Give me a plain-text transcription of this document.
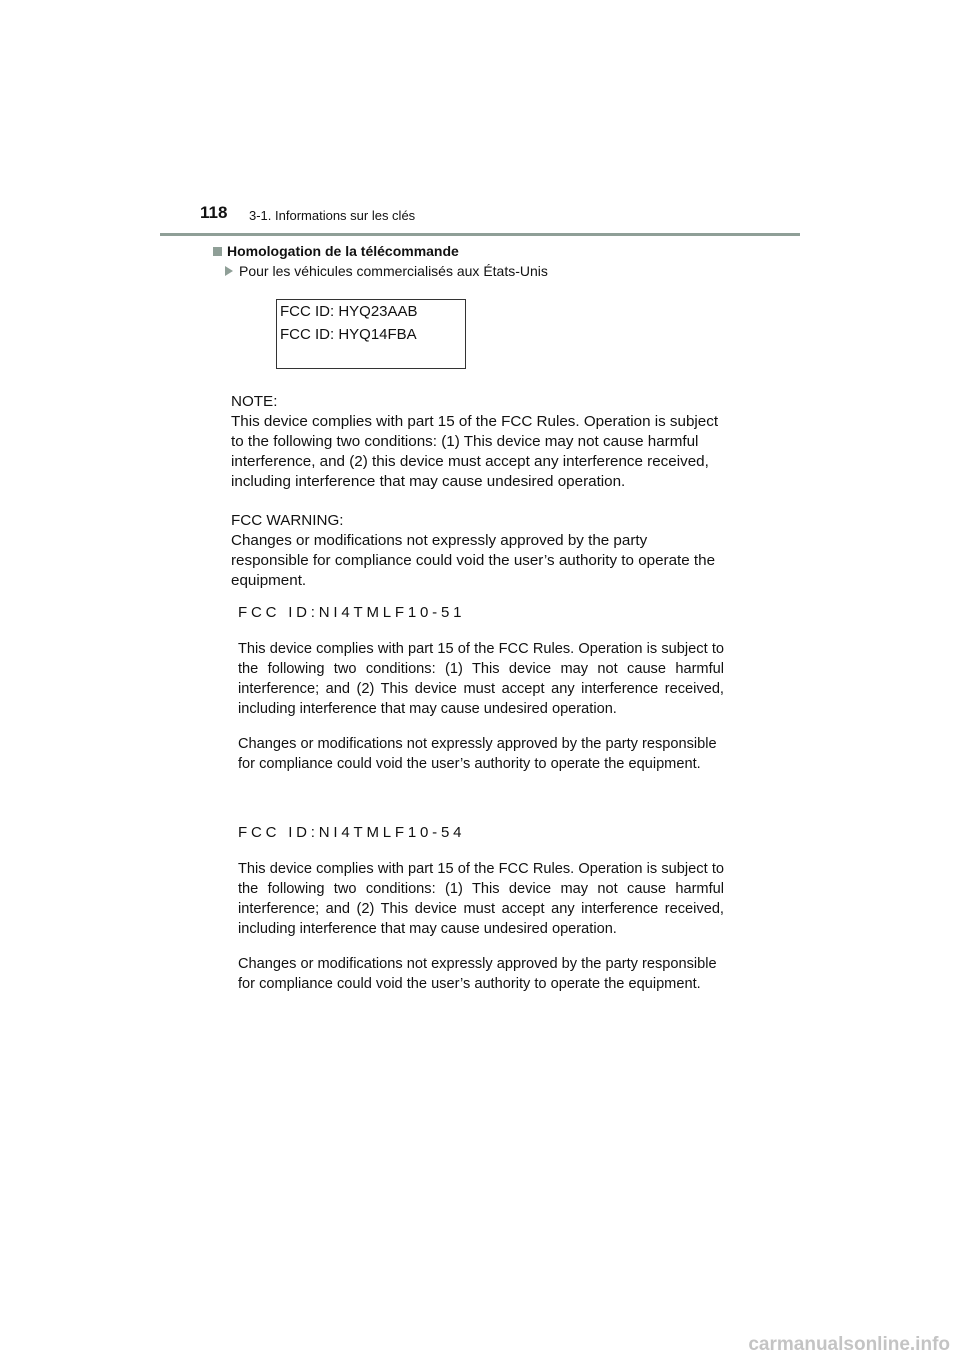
118 3-1. Informations sur les clés
Homologation de la télécommande
Pour les véhicules commercialisés aux États-Unis
FCC ID: HYQ23AAB
FCC ID: HYQ14FBA

NOTE:

This device complies with part 15 of the FCC Rules. Operation is subject

to the following two conditions: (1) This device may not cause harmful

interference, and (2) this device must accept any interference received,

including interference that may cause undesired operation.

FCC WARNING:

Changes or modifications not expressly approved by the party

responsible for compliance could void the user’s authority to operate the

equipment.

FCC ID:NI4TMLF10-51
This device complies with part 15 of the FCC Rules. Operation is subject to the following two conditions: (1) This device may not cause harmful interference; and (2) This device must accept any interference received, including interference that may cause undesired operation.
Changes or modifications not expressly approved by the party responsible for compliance could void the user’s authority to operate the equipment.
FCC ID:NI4TMLF10-54
This device complies with part 15 of the FCC Rules. Operation is subject to the following two conditions: (1) This device may not cause harmful interference; and (2) This device must accept any interference received, including interference that may cause undesired operation.
Changes or modifications not expressly approved by the party responsible for compliance could void the user’s authority to operate the equipment.
carmanualsonline.info
